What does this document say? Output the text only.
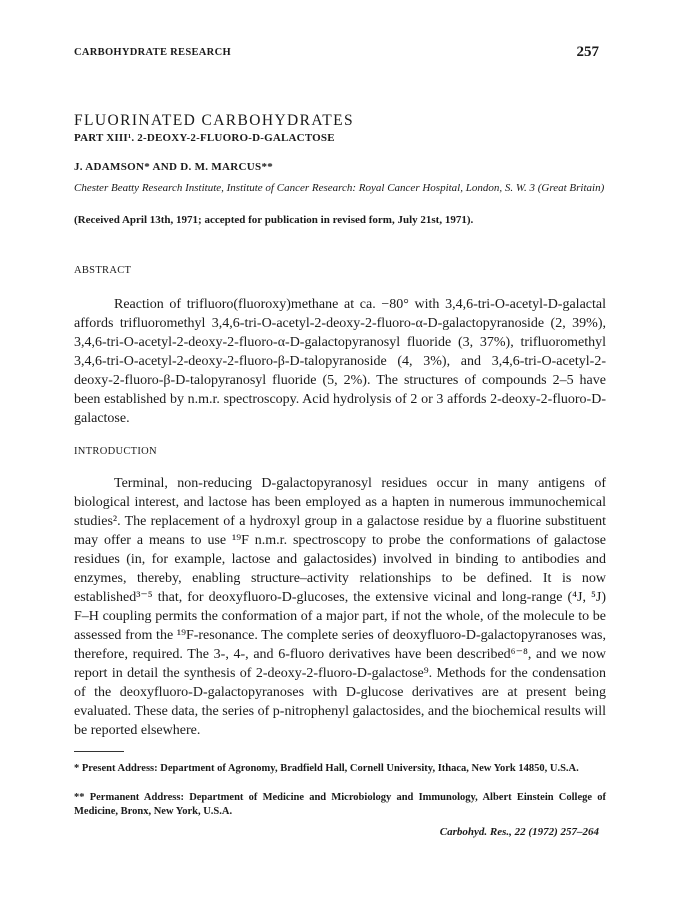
CARBOHYDRATE RESEARCH	257
FLUORINATED CARBOHYDRATES
PART XIII¹. 2-DEOXY-2-FLUORO-D-GALACTOSE
J. ADAMSON* AND D. M. MARCUS**
Chester Beatty Research Institute, Institute of Cancer Research: Royal Cancer Hospital, London, S. W. 3 (Great Britain)
(Received April 13th, 1971; accepted for publication in revised form, July 21st, 1971).
ABSTRACT

Reaction of trifluoro(fluoroxy)methane at ca. −80° with 3,4,6-tri-O-acetyl-D-galactal affords trifluoromethyl 3,4,6-tri-O-acetyl-2-deoxy-2-fluoro-α-D-galactopyranoside (2, 39%), 3,4,6-tri-O-acetyl-2-deoxy-2-fluoro-α-D-galactopyranosyl fluoride (3, 37%), trifluoromethyl 3,4,6-tri-O-acetyl-2-deoxy-2-fluoro-β-D-talopyranoside (4, 3%), and 3,4,6-tri-O-acetyl-2-deoxy-2-fluoro-β-D-talopyranosyl fluoride (5, 2%). The structures of compounds 2–5 have been established by n.m.r. spectroscopy. Acid hydrolysis of 2 or 3 affords 2-deoxy-2-fluoro-D-galactose.

INTRODUCTION

Terminal, non-reducing D-galactopyranosyl residues occur in many antigens of biological interest, and lactose has been employed as a hapten in numerous immunochemical studies². The replacement of a hydroxyl group in a galactose residue by a fluorine substituent may offer a means to use ¹⁹F n.m.r. spectroscopy to probe the conformations of galactose residues (in, for example, lactose and galactosides) involved in binding to antibodies and enzymes, thereby, enabling structure–activity relationships to be defined. It is now established³⁻⁵ that, for deoxyfluoro-D-glucoses, the extensive vicinal and long-range (⁴J, ⁵J) F–H coupling permits the conformation of a major part, if not the whole, of the molecule to be assessed from the ¹⁹F-resonance. The complete series of deoxyfluoro-D-galactopyranoses was, therefore, required. The 3-, 4-, and 6-fluoro derivatives have been described⁶⁻⁸, and we now report in detail the synthesis of 2-deoxy-2-fluoro-D-galactose⁹. Methods for the condensation of the deoxyfluoro-D-galactopyranoses with D-glucose derivatives are at present being evaluated. These data, the series of p-nitrophenyl galactosides, and the biochemical results will be reported elsewhere.

* Present Address: Department of Agronomy, Bradfield Hall, Cornell University, Ithaca, New York 14850, U.S.A.

** Permanent Address: Department of Medicine and Microbiology and Immunology, Albert Einstein College of Medicine, Bronx, New York, U.S.A.

Carbohyd. Res., 22 (1972) 257–264
